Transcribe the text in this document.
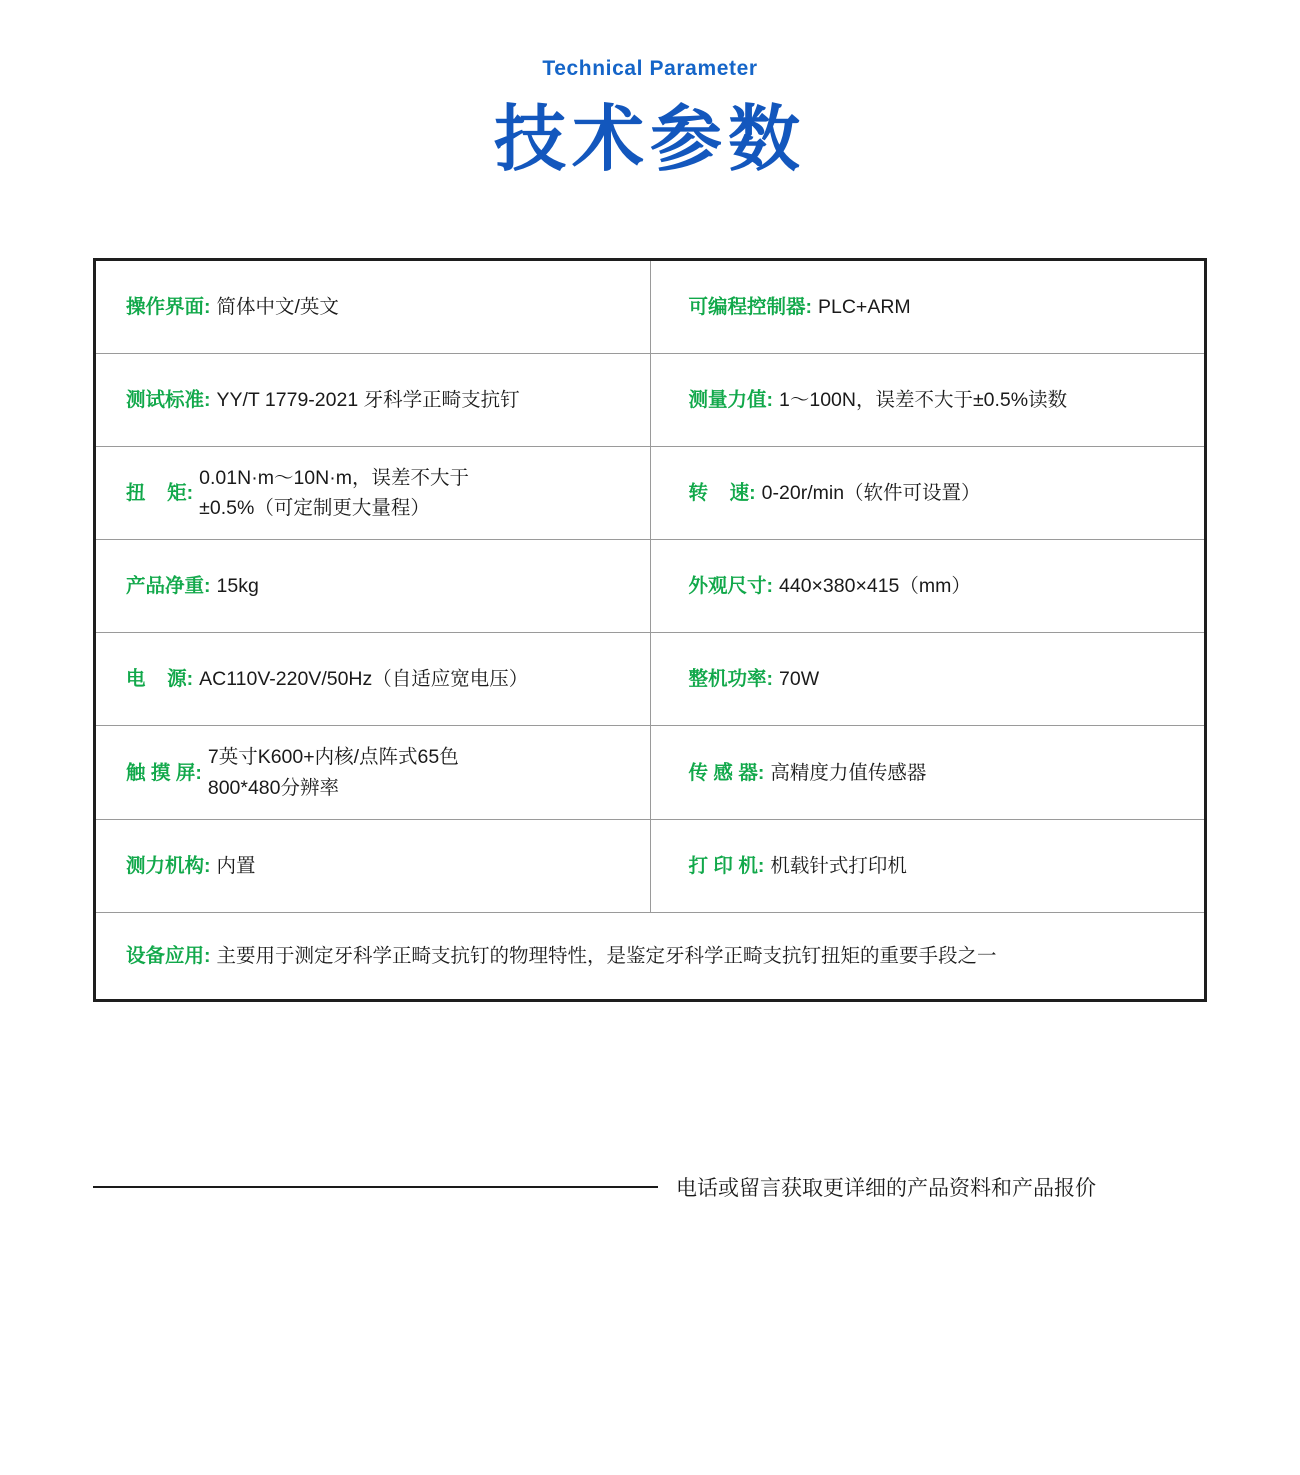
Technical Parameter
技术参数
操作界面: 简体中文/英文	可编程控制器: PLC+ARM

测试标准: YY/T 1779-2021 牙科学正畸支抗钉	测量力值: 1～100N，误差不大于±0.5%读数

扭    矩:
0.01N·m～10N·m，误差不大于
±0.5%（可定制更大量程）	转    速: 0-20r/min（软件可设置）

产品净重: 15kg	外观尺寸: 440×380×415（mm）

电    源: AC110V-220V/50Hz（自适应宽电压）	整机功率: 70W

触 摸 屏:
7英寸K600+内核/点阵式65色
800*480分辨率	传 感 器: 高精度力值传感器

测力机构: 内置	打 印 机: 机载针式打印机

设备应用: 主要用于测定牙科学正畸支抗钉的物理特性，是鉴定牙科学正畸支抗钉扭矩的重要手段之一	
电话或留言获取更详细的产品资料和产品报价
